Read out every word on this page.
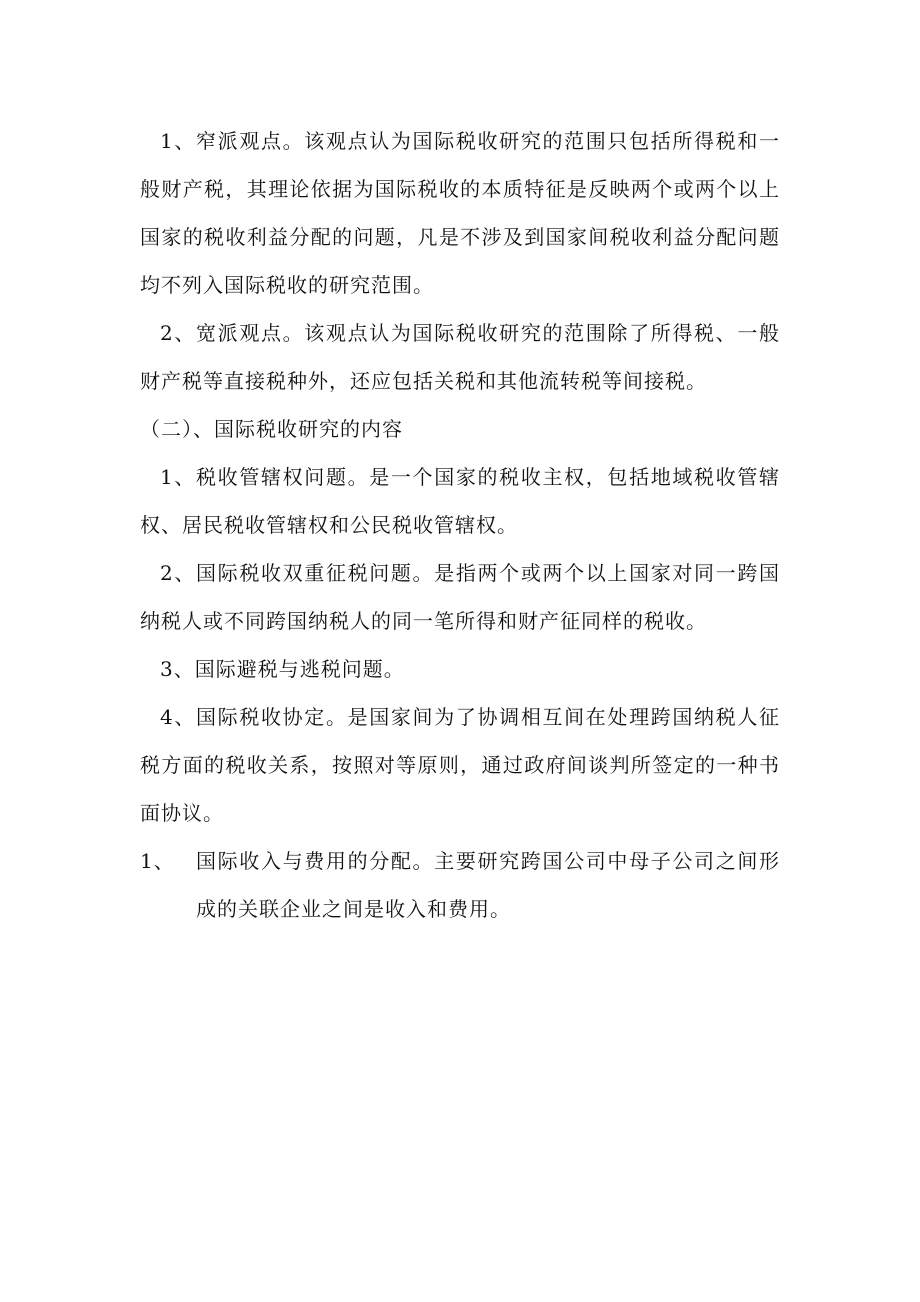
1、窄派观点。该观点认为国际税收研究的范围只包括所得税和一般财产税，其理论依据为国际税收的本质特征是反映两个或两个以上国家的税收利益分配的问题，凡是不涉及到国家间税收利益分配问题均不列入国际税收的研究范围。

2、宽派观点。该观点认为国际税收研究的范围除了所得税、一般财产税等直接税种外，还应包括关税和其他流转税等间接税。

（二）、国际税收研究的内容

1、税收管辖权问题。是一个国家的税收主权，包括地域税收管辖权、居民税收管辖权和公民税收管辖权。

2、国际税收双重征税问题。是指两个或两个以上国家对同一跨国纳税人或不同跨国纳税人的同一笔所得和财产征同样的税收。

3、国际避税与逃税问题。

4、国际税收协定。是国家间为了协调相互间在处理跨国纳税人征税方面的税收关系，按照对等原则，通过政府间谈判所签定的一种书面协议。

1、 国际收入与费用的分配。主要研究跨国公司中母子公司之间形成的关联企业之间是收入和费用。
